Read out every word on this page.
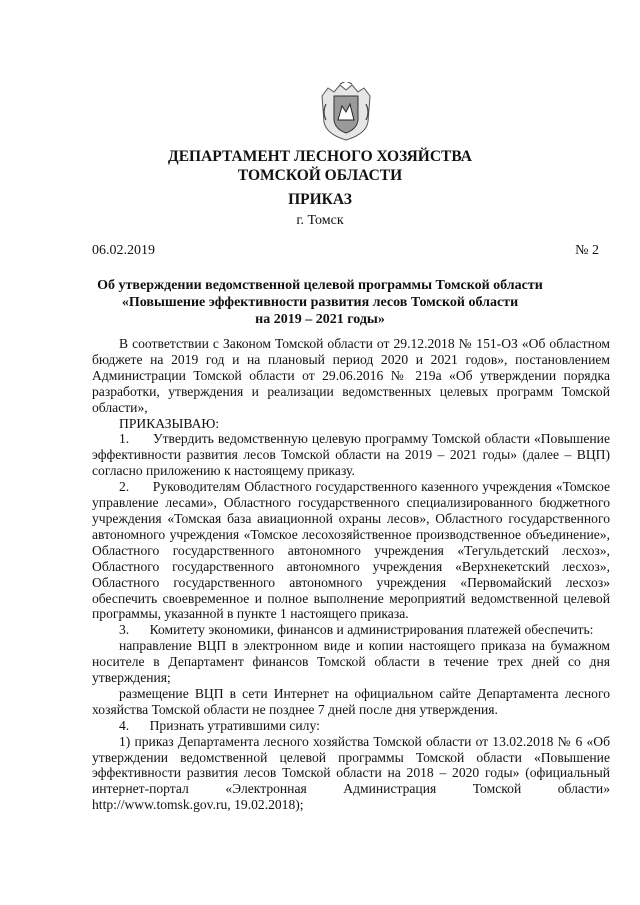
ДЕПАРТАМЕНТ ЛЕСНОГО ХОЗЯЙСТВА
ТОМСКОЙ ОБЛАСТИ
ПРИКАЗ
г. Томск
06.02.2019	№ 2
Об утверждении ведомственной целевой программы Томской области
«Повышение эффективности развития лесов Томской области
на 2019 – 2021 годы»

В соответствии с Законом Томской области от 29.12.2018 № 151-ОЗ «Об областном бюджете на 2019 год и на плановый период 2020 и 2021 годов», постановлением Администрации Томской области от 29.06.2016 № 219а «Об утверждении порядка разработки, утверждения и реализации ведомственных целевых программ Томской области»,

ПРИКАЗЫВАЮ:

1.      Утвердить ведомственную целевую программу Томской области «Повышение эффективности развития лесов Томской области на 2019 – 2021 годы» (далее – ВЦП) согласно приложению к настоящему приказу.

2.      Руководителям Областного государственного казенного учреждения «Томское управление лесами», Областного государственного специализированного бюджетного учреждения «Томская база авиационной охраны лесов», Областного государственного автономного учреждения «Томское лесохозяйственное производственное объединение», Областного государственного автономного учреждения «Тегульдетский лесхоз», Областного государственного автономного учреждения «Верхнекетский лесхоз», Областного государственного автономного учреждения «Первомайский лесхоз» обеспечить своевременное и полное выполнение мероприятий ведомственной целевой программы, указанной в пункте 1 настоящего приказа.

3.      Комитету экономики, финансов и администрирования платежей обеспечить:

направление ВЦП в электронном виде и копии настоящего приказа на бумажном носителе в Департамент финансов Томской области в течение трех дней со дня утверждения;

размещение ВЦП в сети Интернет на официальном сайте Департамента лесного хозяйства Томской области не позднее 7 дней после дня утверждения.

4.      Признать утратившими силу:

1) приказ Департамента лесного хозяйства Томской области от 13.02.2018 № 6 «Об утверждении ведомственной целевой программы Томской области «Повышение эффективности развития лесов Томской области на 2018 – 2020 годы» (официальный интернет-портал «Электронная Администрация Томской области» http://www.tomsk.gov.ru, 19.02.2018);
